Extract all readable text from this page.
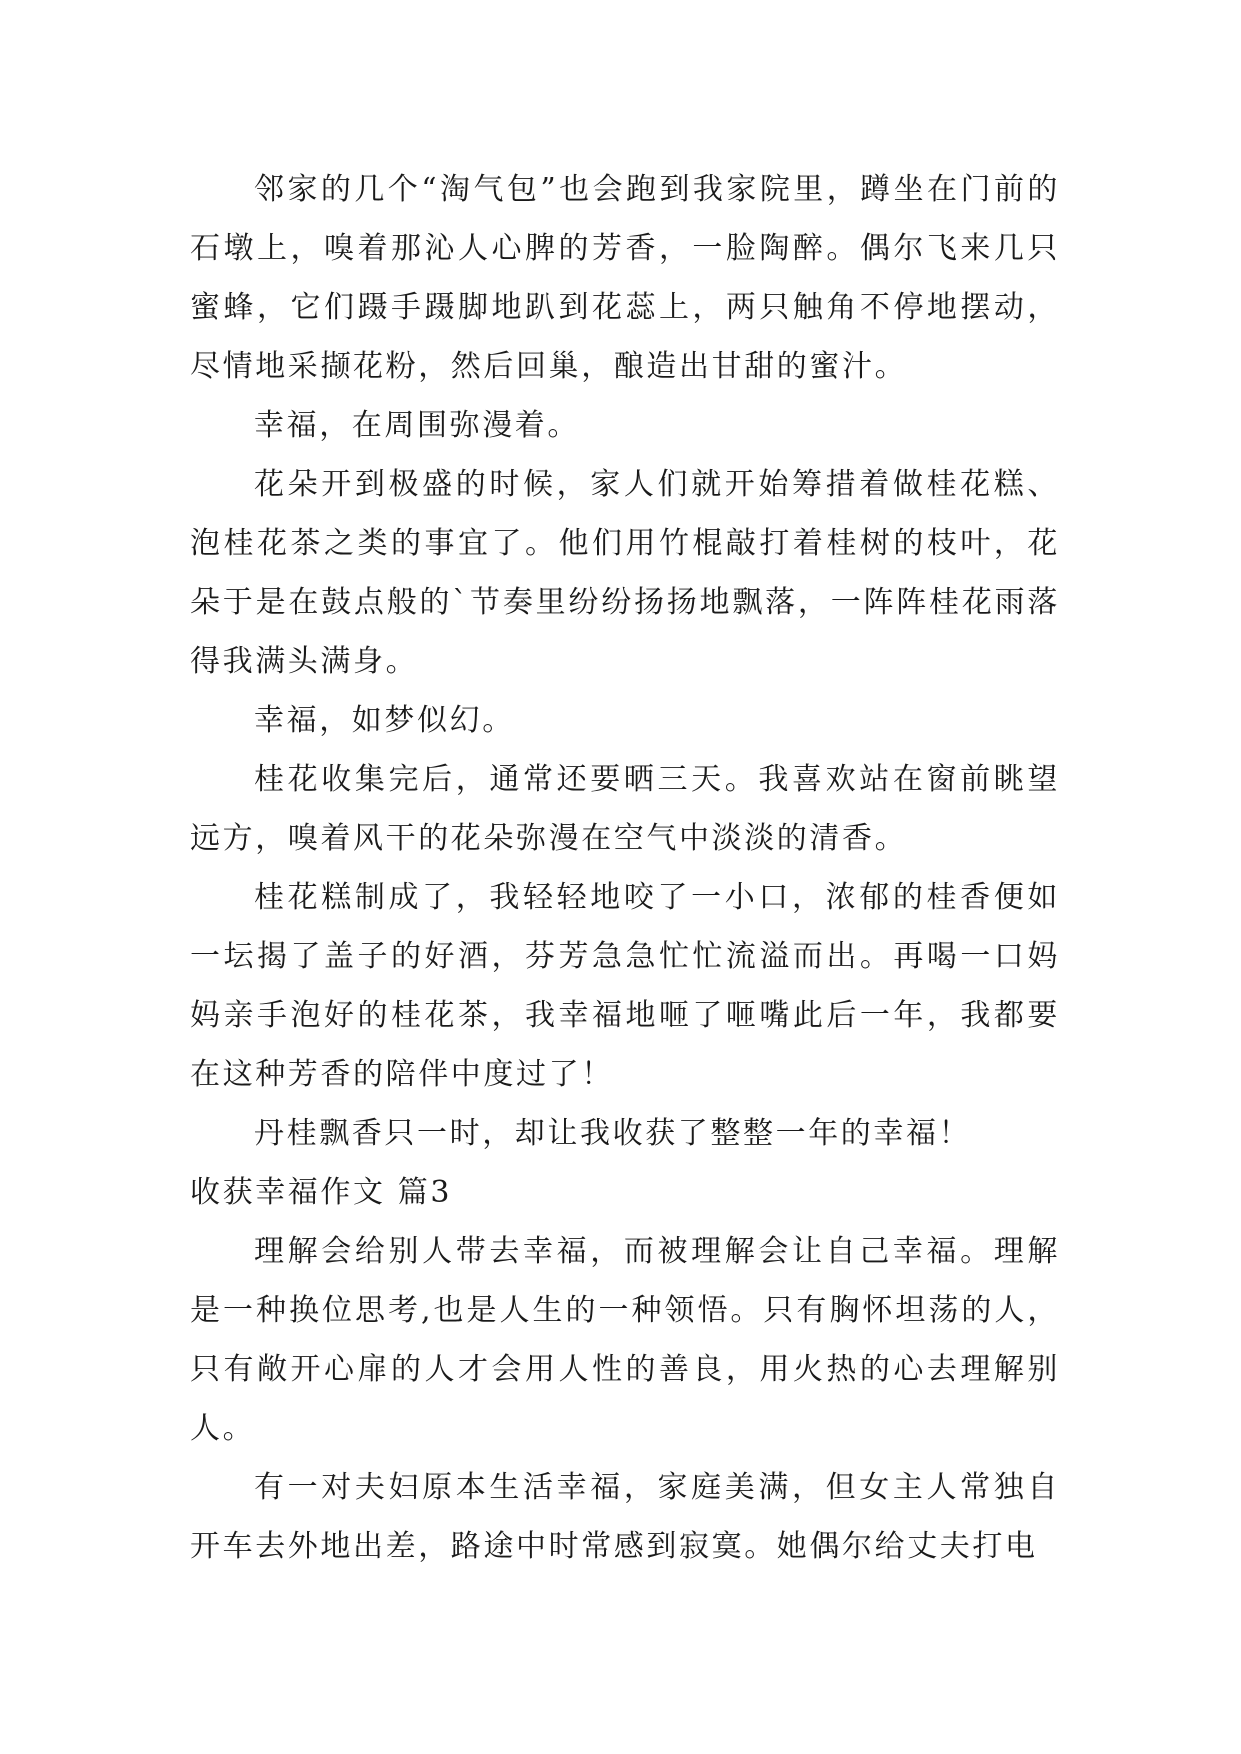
邻家的几个“淘气包”也会跑到我家院里，蹲坐在门前的石墩上，嗅着那沁人心脾的芳香，一脸陶醉。偶尔飞来几只蜜蜂，它们蹑手蹑脚地趴到花蕊上，两只触角不停地摆动，尽情地采撷花粉，然后回巢，酿造出甘甜的蜜汁。

幸福，在周围弥漫着。

花朵开到极盛的时候，家人们就开始筹措着做桂花糕、泡桂花茶之类的事宜了。他们用竹棍敲打着桂树的枝叶，花朵于是在鼓点般的`节奏里纷纷扬扬地飘落，一阵阵桂花雨落得我满头满身。

幸福，如梦似幻。

桂花收集完后，通常还要晒三天。我喜欢站在窗前眺望远方，嗅着风干的花朵弥漫在空气中淡淡的清香。

桂花糕制成了，我轻轻地咬了一小口，浓郁的桂香便如一坛揭了盖子的好酒，芬芳急急忙忙流溢而出。再喝一口妈妈亲手泡好的桂花茶，我幸福地咂了咂嘴此后一年，我都要在这种芳香的陪伴中度过了！

丹桂飘香只一时，却让我收获了整整一年的幸福！

收获幸福作文 篇3

理解会给别人带去幸福，而被理解会让自己幸福。理解是一种换位思考,也是人生的一种领悟。只有胸怀坦荡的人，只有敞开心扉的人才会用人性的善良，用火热的心去理解别人。

有一对夫妇原本生活幸福，家庭美满，但女主人常独自开车去外地出差，路途中时常感到寂寞。她偶尔给丈夫打电
